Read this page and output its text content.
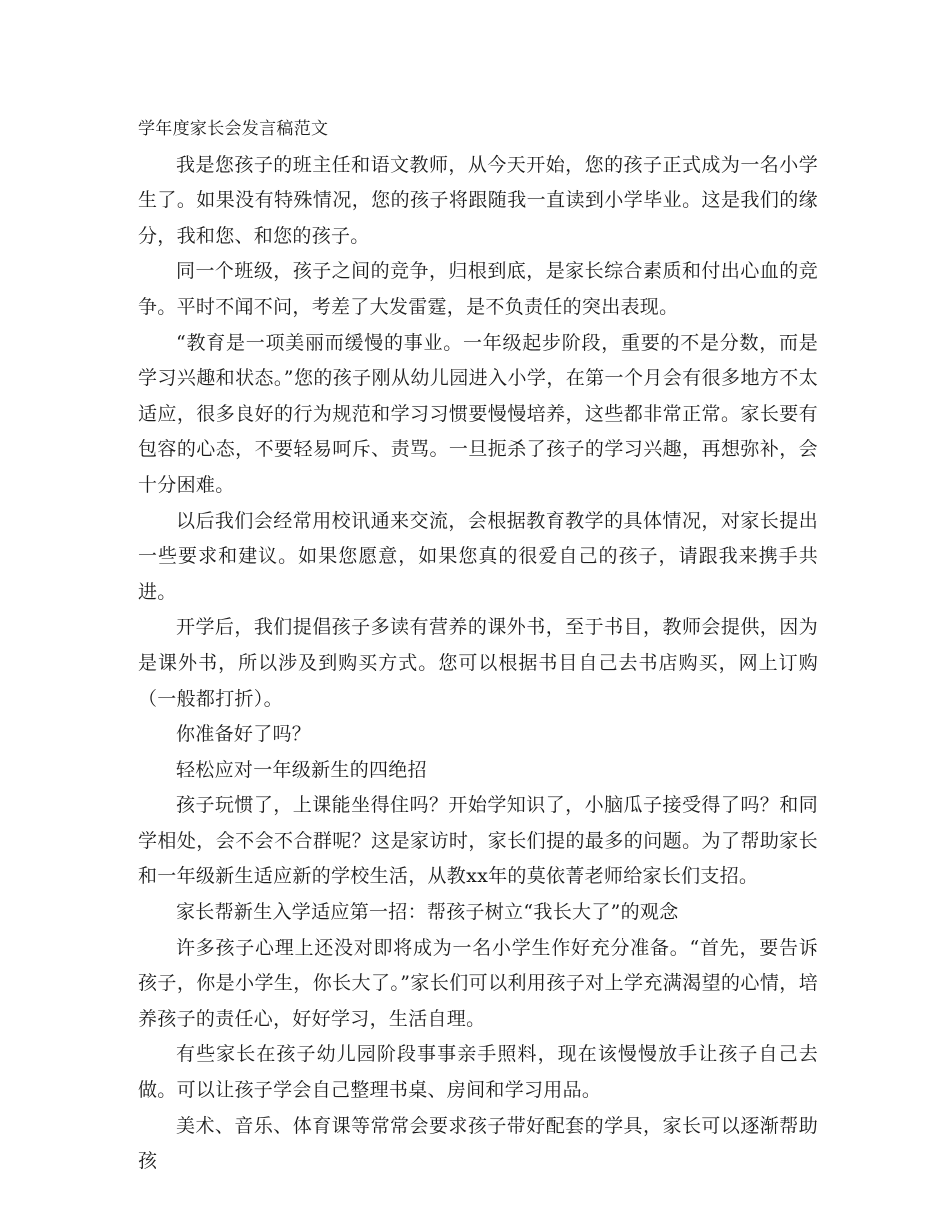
学年度家长会发言稿范文

我是您孩子的班主任和语文教师，从今天开始，您的孩子正式成为一名小学生了。如果没有特殊情况，您的孩子将跟随我一直读到小学毕业。这是我们的缘分，我和您、和您的孩子。

同一个班级，孩子之间的竞争，归根到底，是家长综合素质和付出心血的竞争。平时不闻不问，考差了大发雷霆，是不负责任的突出表现。

“教育是一项美丽而缓慢的事业。一年级起步阶段，重要的不是分数，而是学习兴趣和状态。”您的孩子刚从幼儿园进入小学，在第一个月会有很多地方不太适应，很多良好的行为规范和学习习惯要慢慢培养，这些都非常正常。家长要有包容的心态，不要轻易呵斥、责骂。一旦扼杀了孩子的学习兴趣，再想弥补，会十分困难。

以后我们会经常用校讯通来交流，会根据教育教学的具体情况，对家长提出一些要求和建议。如果您愿意，如果您真的很爱自己的孩子，请跟我来携手共进。

开学后，我们提倡孩子多读有营养的课外书，至于书目，教师会提供，因为是课外书，所以涉及到购买方式。您可以根据书目自己去书店购买，网上订购（一般都打折）。

你准备好了吗？

轻松应对一年级新生的四绝招

孩子玩惯了，上课能坐得住吗？开始学知识了，小脑瓜子接受得了吗？和同学相处，会不会不合群呢？这是家访时，家长们提的最多的问题。为了帮助家长和一年级新生适应新的学校生活，从教xx年的莫依菁老师给家长们支招。

家长帮新生入学适应第一招：帮孩子树立“我长大了”的观念

许多孩子心理上还没对即将成为一名小学生作好充分准备。“首先，要告诉孩子，你是小学生，你长大了。”家长们可以利用孩子对上学充满渴望的心情，培养孩子的责任心，好好学习，生活自理。

有些家长在孩子幼儿园阶段事事亲手照料，现在该慢慢放手让孩子自己去做。可以让孩子学会自己整理书桌、房间和学习用品。

美术、音乐、体育课等常常会要求孩子带好配套的学具，家长可以逐渐帮助孩
